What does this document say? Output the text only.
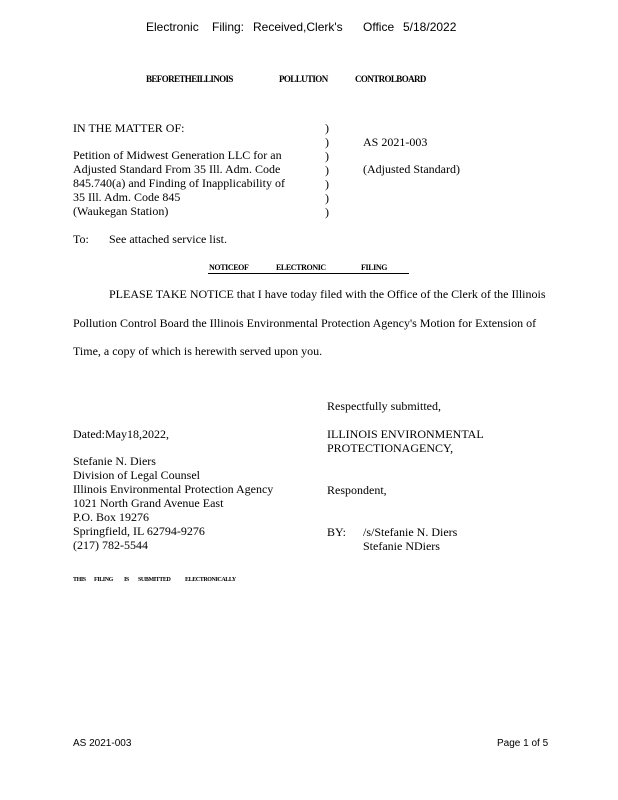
Electronic Filing: Received,Clerk's Office 5/18/2022
BEFORETHEILLINOIS	POLLUTION	CONTROLBOARD
IN THE MATTER OF:
Petition of Midwest Generation LLC for an
Adjusted Standard From 35 Ill. Adm. Code
845.740(a) and Finding of Inapplicability of
35 Ill. Adm. Code 845
(Waukegan Station)
)
)
)
)
)
)
)
AS 2021-003
(Adjusted Standard)
To: See attached service list.
NOTICEOF	ELECTRONIC	FILING
PLEASE TAKE NOTICE that I have today filed with the Office of the Clerk of the Illinois
Pollution Control Board the Illinois Environmental Protection Agency's Motion for Extension of
Time, a copy of which is herewith served upon you.
Respectfully submitted,
Dated:May18,2022,	ILLINOIS ENVIRONMENTAL
PROTECTIONAGENCY,
Stefanie N. Diers
Division of Legal Counsel
Illinois Environmental Protection Agency
1021 North Grand Avenue East
P.O. Box 19276
Springfield, IL 62794-9276
(217) 782-5544
Respondent,
BY: /s/Stefanie N. Diers
Stefanie NDiers
THIS FILING IS SUBMITTED ELECTRONICALLY
AS 2021-003	Page 1 of 5
